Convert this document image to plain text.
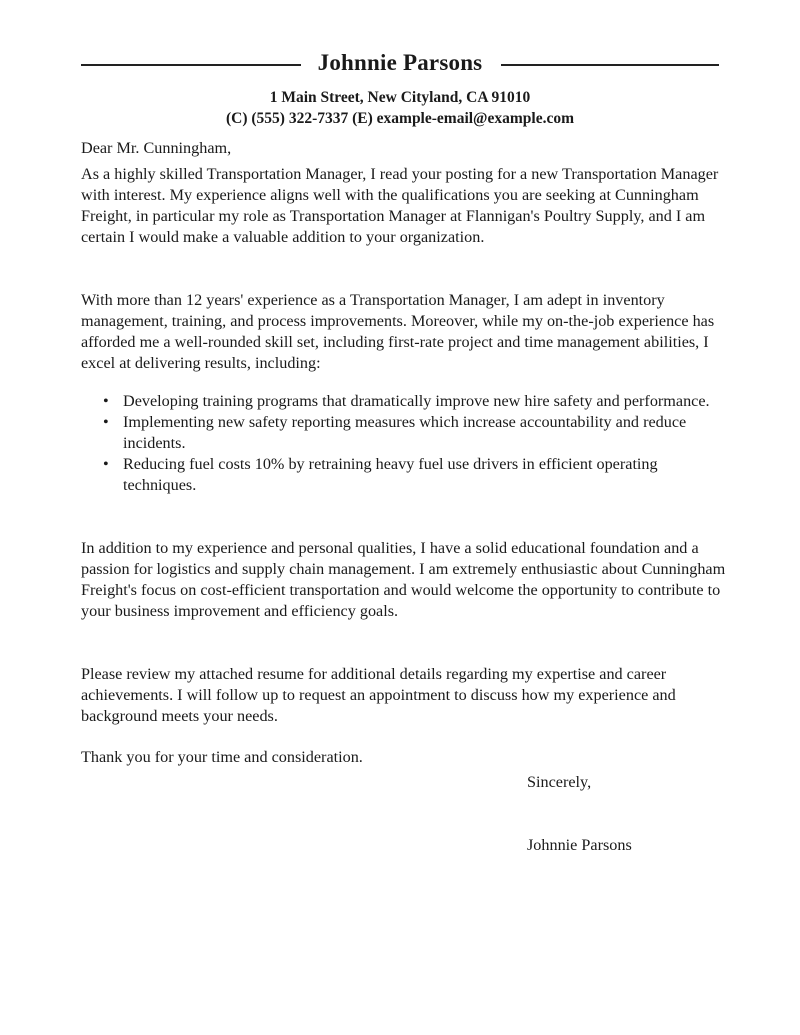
Johnnie Parsons
1 Main Street, New Cityland, CA 91010
(C) (555) 322-7337 (E) example-email@example.com
Dear Mr. Cunningham,
As a highly skilled Transportation Manager, I read your posting for a new Transportation Manager with interest. My experience aligns well with the qualifications you are seeking at Cunningham Freight, in particular my role as Transportation Manager at Flannigan's Poultry Supply, and I am certain I would make a valuable addition to your organization.
With more than 12 years' experience as a Transportation Manager, I am adept in inventory management, training, and process improvements. Moreover, while my on-the-job experience has afforded me a well-rounded skill set, including first-rate project and time management abilities, I excel at delivering results, including:
• Developing training programs that dramatically improve new hire safety and performance.
• Implementing new safety reporting measures which increase accountability and reduce incidents.
• Reducing fuel costs 10% by retraining heavy fuel use drivers in efficient operating techniques.
In addition to my experience and personal qualities, I have a solid educational foundation and a passion for logistics and supply chain management. I am extremely enthusiastic about Cunningham Freight's focus on cost-efficient transportation and would welcome the opportunity to contribute to your business improvement and efficiency goals.
Please review my attached resume for additional details regarding my expertise and career achievements. I will follow up to request an appointment to discuss how my experience and background meets your needs.
Thank you for your time and consideration.
Sincerely,
Johnnie Parsons
